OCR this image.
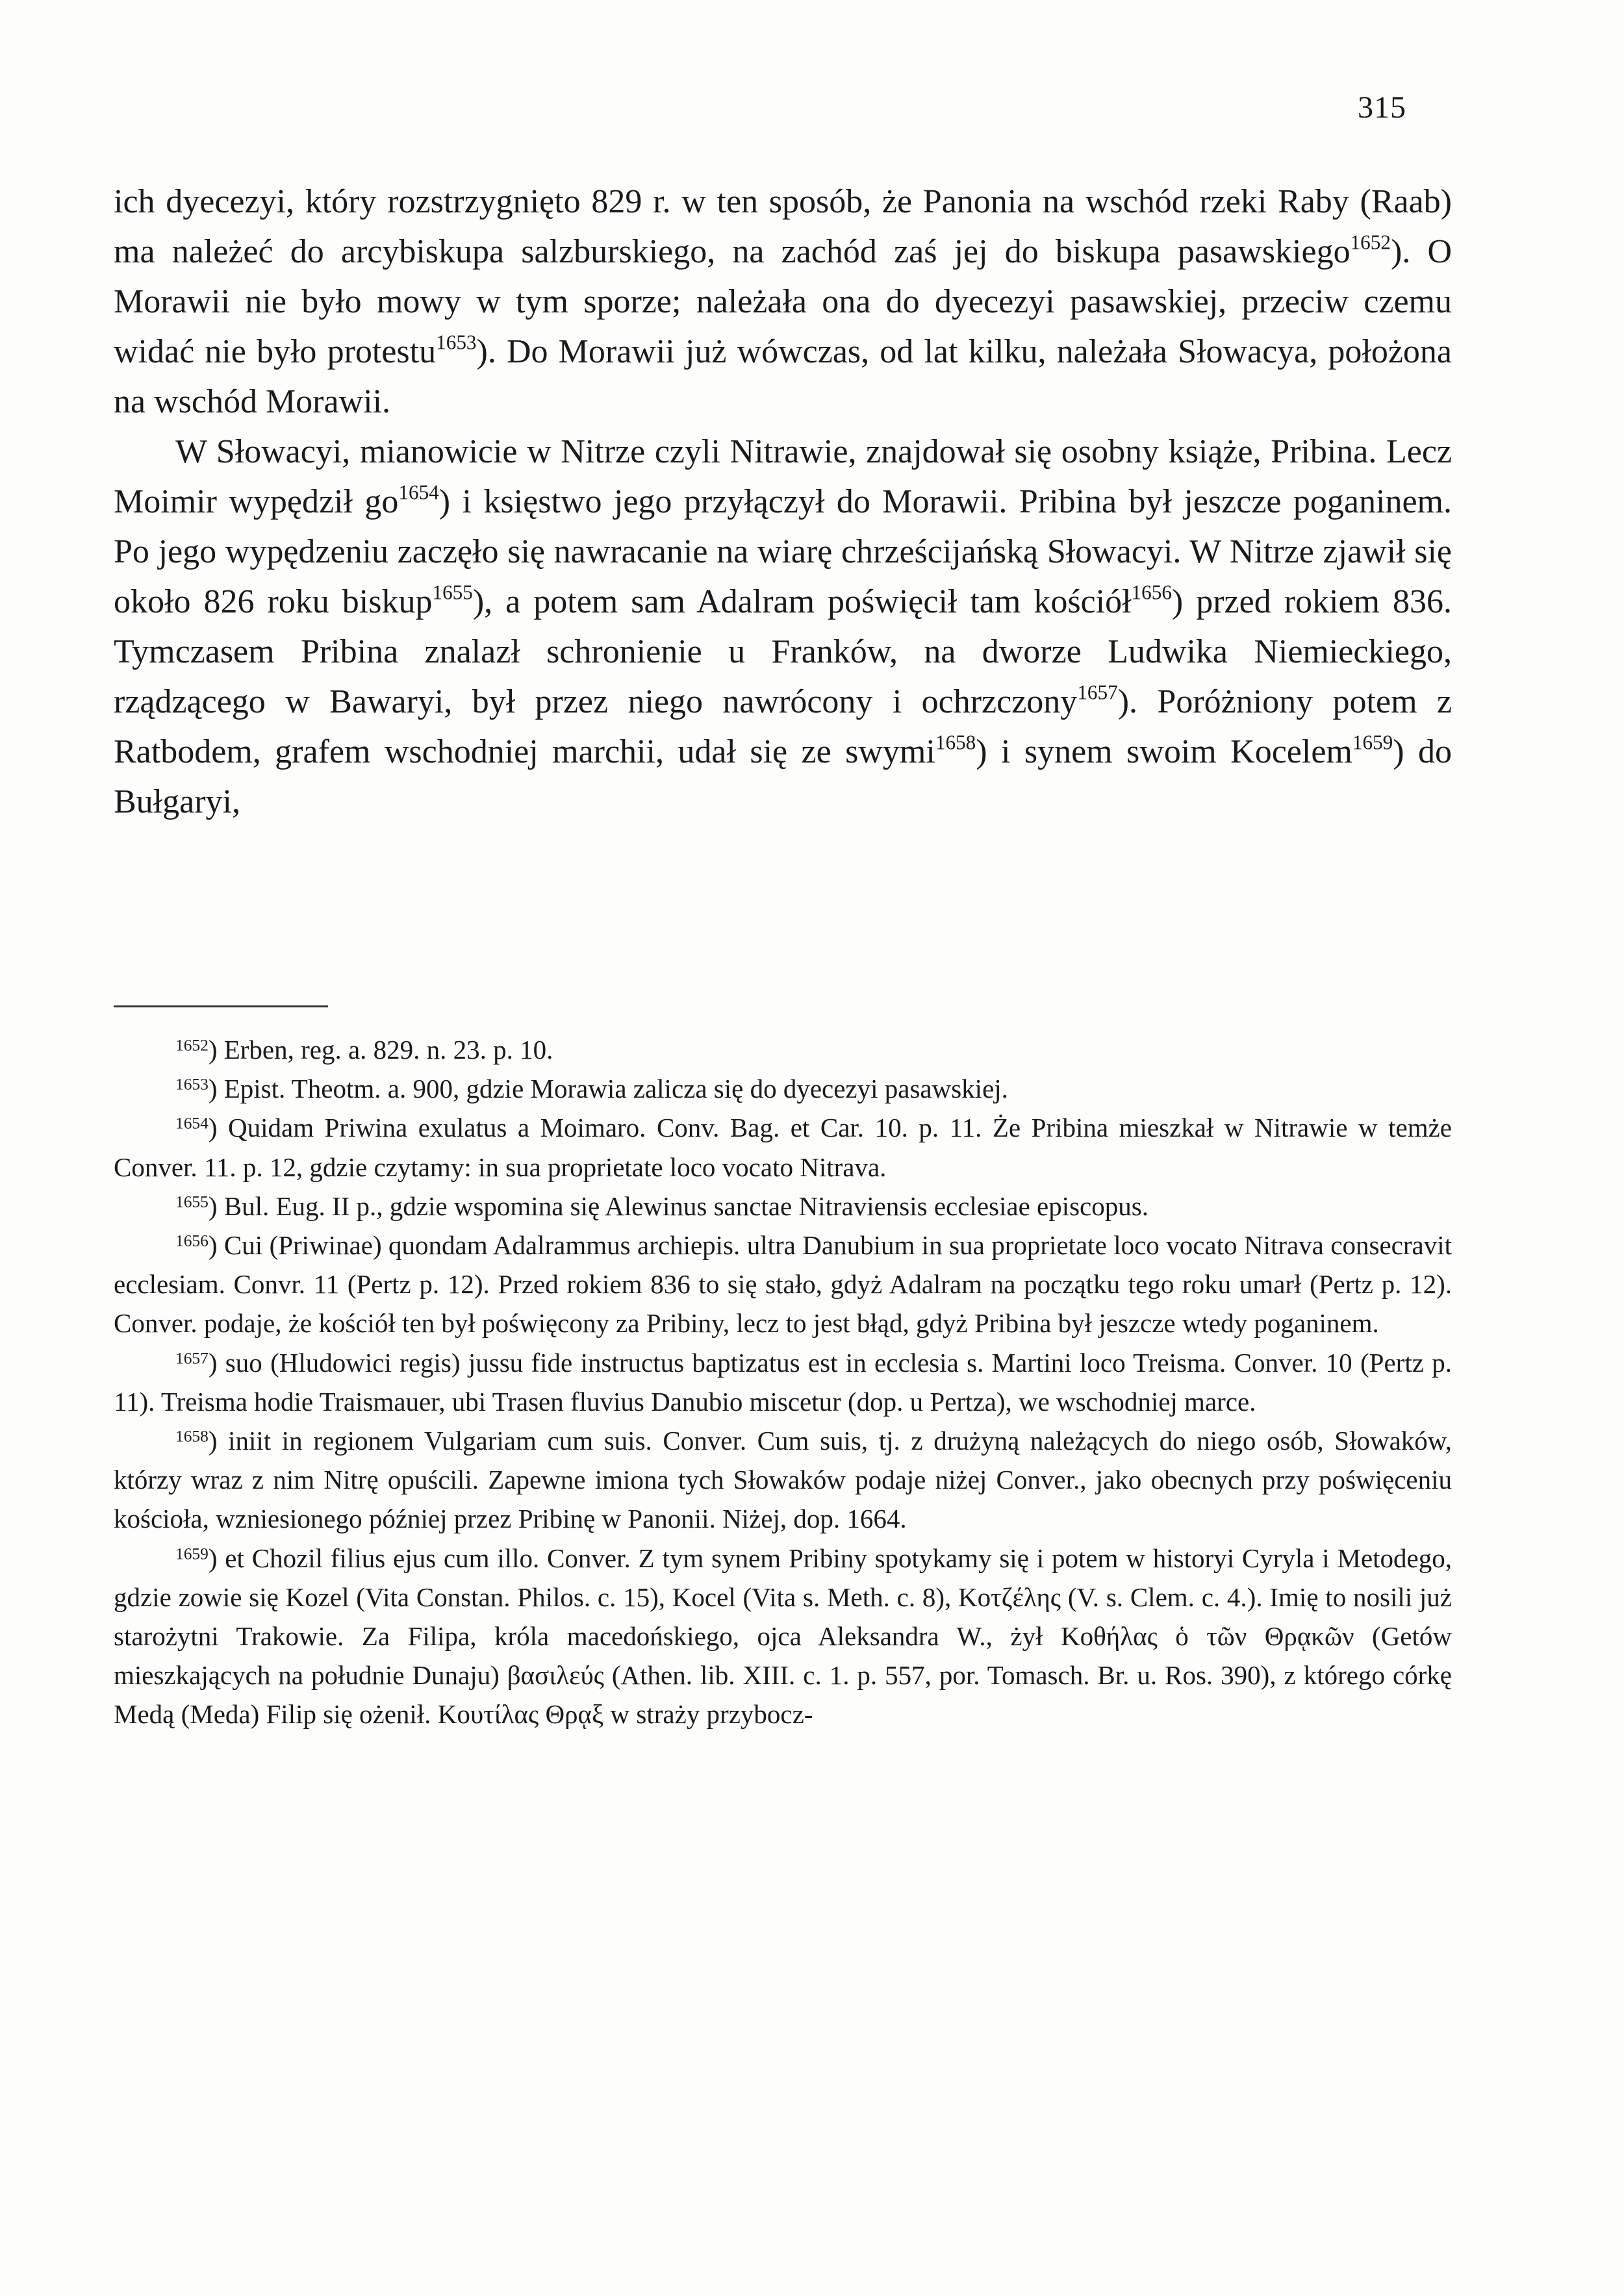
315

ich dyecezyi, który rozstrzygnięto 829 r. w ten sposób, że Panonia na wschód rzeki Raby (Raab) ma należeć do arcybiskupa salzburskiego, na zachód zaś jej do biskupa pasawskiego$^{1652}$). O Morawii nie było mowy w tym sporze; należała ona do dyecezyi pasawskiej, przeciw czemu widać nie było protestu$^{1653}$). Do Morawii już wówczas, od lat kilku, należała Słowacya, położona na wschód Morawii.

W Słowacyi, mianowicie w Nitrze czyli Nitrawie, znajdował się osobny książe, Pribina. Lecz Moimir wypędził $go^{1654}$) i księstwo jego przyłączył do Morawii. Pribina był jeszcze poganinem. Po jego wypędzeniu zaczęło się nawracanie na wiarę chrześcijańską Słowacyi. W Nitrze zjawił się około 826 roku biskup$^{1655}$), a potem sam Adalram poświęcił tam kościół$^{1656}$) przed rokiem 836. Tymczasem Pribina znalazł schronienie u Franków, na dworze Ludwika Niemieckiego, rządzącego w Bawaryi, był przez niego nawrócony i ochrzczony$^{1657}$). Poróżniony potem z Ratbodem, grafem wschodniej marchii, udał się ze swymi$^{1658}$) i synem swoim Kocelem$^{1659}$) do Bułgaryi,

$^{1652}$) Erben, reg. a. 829. n. 23. p. 10.

$^{1653}$) Epist. Theotm. a. 900, gdzie Morawia zalicza się do dyecezyi pasawskiej.

$^{1654}$) Quidam Priwina exulatus a Moimaro. Conv. Bag. et Car. 10. p. 11. Że Pribina mieszkał w Nitrawie w temże Conver. 11. p. 12, gdzie czytamy: in sua proprietate loco vocato Nitrava.

$^{1655}$) Bul. Eug. II p., gdzie wspomina się Alewinus sanctae Nitraviensis ecclesiae episcopus.

$^{1656}$) Cui (Priwinae) quondam Adalrammus archiepis. ultra Danubium in sua proprietate loco vocato Nitrava consecravit ecclesiam. Convr. 11 (Pertz p. 12). Przed rokiem 836 to się stało, gdyż Adalram na początku tego roku umarł (Pertz p. 12). Conver. podaje, że kościół ten był poświęcony za Pribiny, lecz to jest błąd, gdyż Pribina był jeszcze wtedy poganinem.

$^{1657}$) suo (Hludowici regis) jussu fide instructus baptizatus est in ecclesia s. Martini loco Treisma. Conver. 10 (Pertz p. 11). Treisma hodie Traismauer, ubi Trasen fluvius Danubio miscetur (dop. u Pertza), we wschodniej marce.

$^{1658}$) iniit in regionem Vulgariam cum suis. Conver. Cum suis, tj. z drużyną należących do niego osób, Słowaków, którzy wraz z nim Nitrę opuścili. Zapewne imiona tych Słowaków podaje niżej Conver., jako obecnych przy poświęceniu kościoła, wzniesionego później przez Pribinę w Panonii. Niżej, dop. 1664.

$^{1659}$) et Chozil filius ejus cum illo. Conver. Z tym synem Pribiny spotykamy się i potem w historyi Cyryla i Metodego, gdzie zowie się Kozel (Vita Constan. Philos. c. 15), Kocel (Vita s. Meth. c. 8), Κοτζέλης (V. s. Clem. c. 4.). Imię to nosili już starożytni Trakowie. Za Filipa, króla macedońskiego, ojca Aleksandra W., żył Κοθήλας ὁ τῶν Θρᾳκῶν (Getów mieszkających na południe Dunaju) βασιλεύς (Athen. lib. XIII. c. 1. p. 557, por. Tomasch. Br. u. Ros. 390), z którego córkę Medą (Meda) Filip się ożenił. Κουτίλας Θρᾳξ w straży przybocz-
